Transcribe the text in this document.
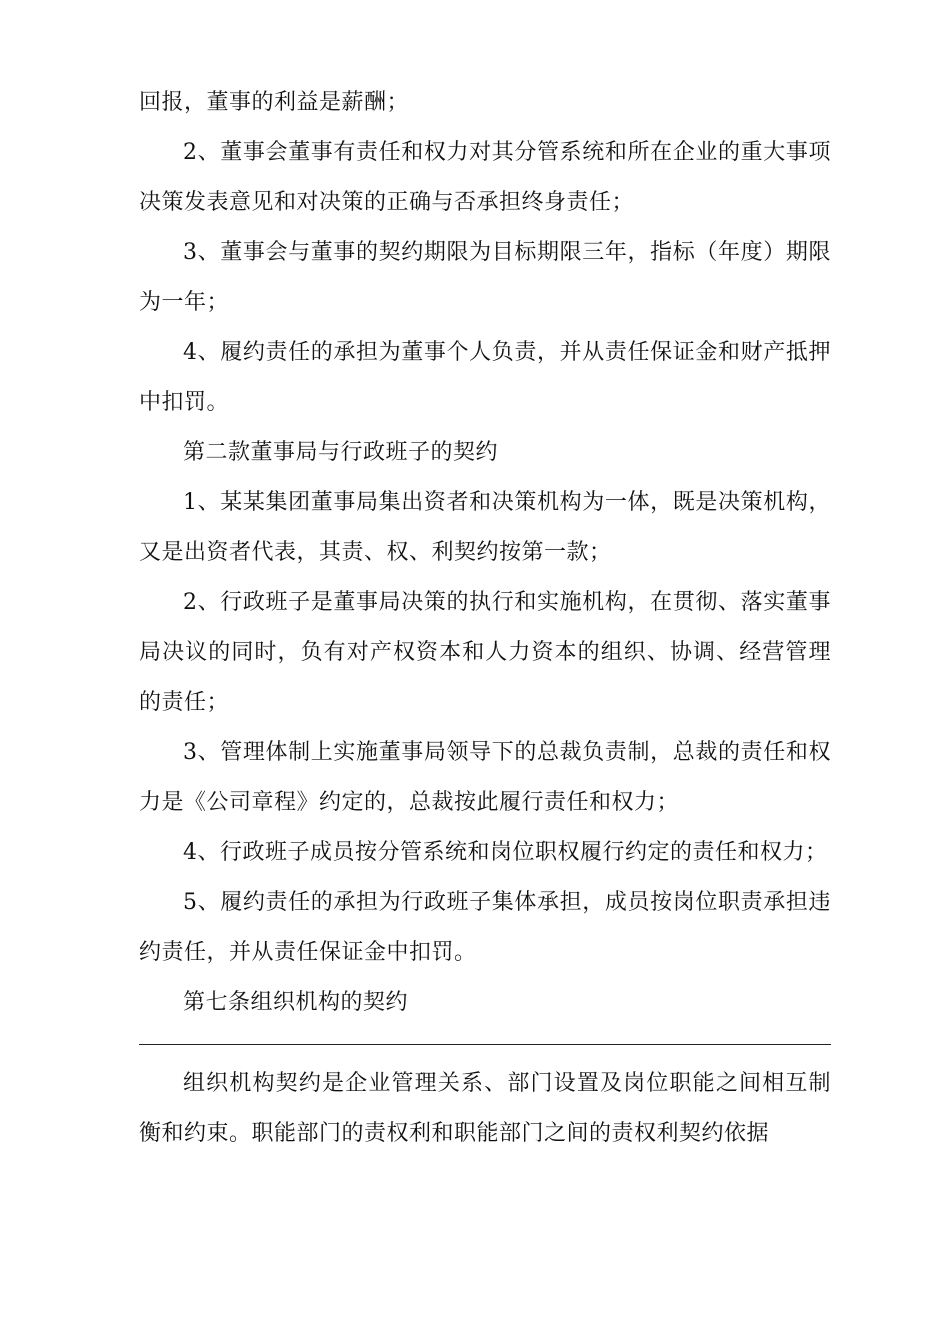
回报，董事的利益是薪酬；

2、董事会董事有责任和权力对其分管系统和所在企业的重大事项决策发表意见和对决策的正确与否承担终身责任；

3、董事会与董事的契约期限为目标期限三年，指标（年度）期限为一年；

4、履约责任的承担为董事个人负责，并从责任保证金和财产抵押中扣罚。

第二款董事局与行政班子的契约

1、某某集团董事局集出资者和决策机构为一体，既是决策机构，又是出资者代表，其责、权、利契约按第一款；

2、行政班子是董事局决策的执行和实施机构，在贯彻、落实董事局决议的同时，负有对产权资本和人力资本的组织、协调、经营管理的责任；

3、管理体制上实施董事局领导下的总裁负责制，总裁的责任和权力是《公司章程》约定的，总裁按此履行责任和权力；

4、行政班子成员按分管系统和岗位职权履行约定的责任和权力；

5、履约责任的承担为行政班子集体承担，成员按岗位职责承担违约责任，并从责任保证金中扣罚。

第七条组织机构的契约

组织机构契约是企业管理关系、部门设置及岗位职能之间相互制衡和约束。职能部门的责权利和职能部门之间的责权利契约依据
